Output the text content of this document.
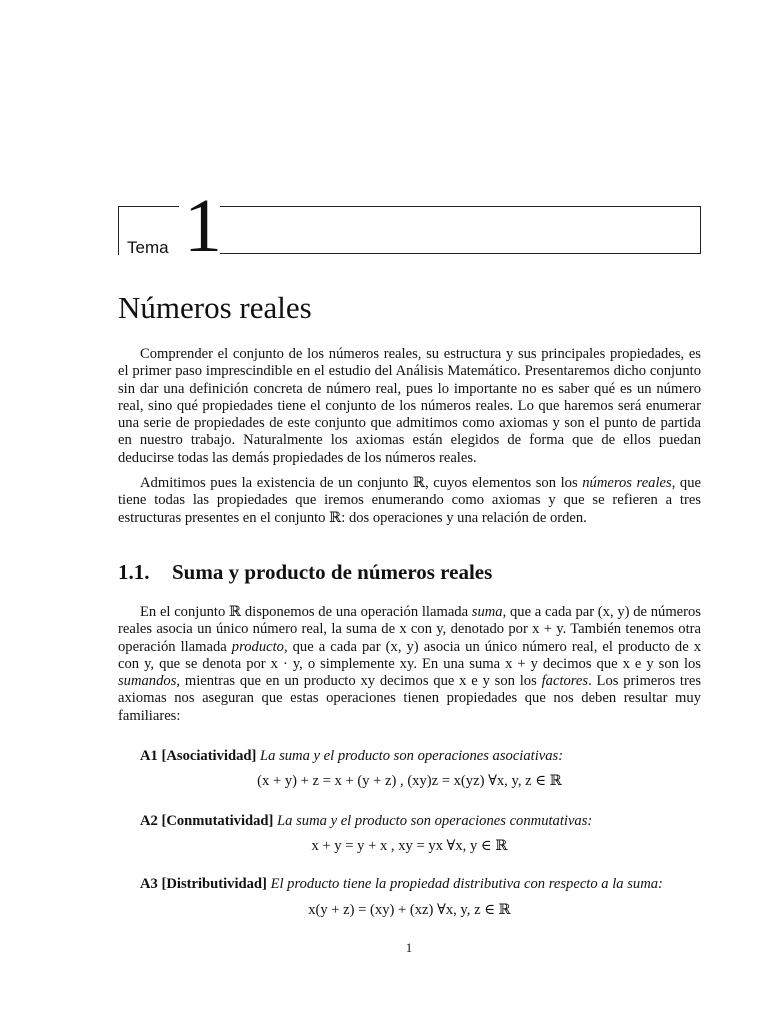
Tema 1
Números reales

Comprender el conjunto de los números reales, su estructura y sus principales propiedades, es el primer paso imprescindible en el estudio del Análisis Matemático. Presentaremos dicho conjunto sin dar una definición concreta de número real, pues lo importante no es saber qué es un número real, sino qué propiedades tiene el conjunto de los números reales. Lo que haremos será enumerar una serie de propiedades de este conjunto que admitimos como axiomas y son el punto de partida en nuestro trabajo. Naturalmente los axiomas están elegidos de forma que de ellos puedan deducirse todas las demás propiedades de los números reales.

Admitimos pues la existencia de un conjunto ℝ, cuyos elementos son los números reales, que tiene todas las propiedades que iremos enumerando como axiomas y que se refieren a tres estructuras presentes en el conjunto ℝ: dos operaciones y una relación de orden.

1.1. Suma y producto de números reales

En el conjunto ℝ disponemos de una operación llamada suma, que a cada par (x, y) de números reales asocia un único número real, la suma de x con y, denotado por x + y. También tenemos otra operación llamada producto, que a cada par (x, y) asocia un único número real, el producto de x con y, que se denota por x · y, o simplemente xy. En una suma x + y decimos que x e y son los sumandos, mientras que en un producto xy decimos que x e y son los factores. Los primeros tres axiomas nos aseguran que estas operaciones tienen propiedades que nos deben resultar muy familiares:

A1 [Asociatividad] La suma y el producto son operaciones asociativas:

(x + y) + z = x + (y + z) , (xy)z = x(yz) ∀x, y, z ∈ ℝ

A2 [Conmutatividad] La suma y el producto son operaciones conmutativas:

x + y = y + x , xy = yx ∀x, y ∈ ℝ

A3 [Distributividad] El producto tiene la propiedad distributiva con respecto a la suma:

x(y + z) = (xy) + (xz) ∀x, y, z ∈ ℝ

1
